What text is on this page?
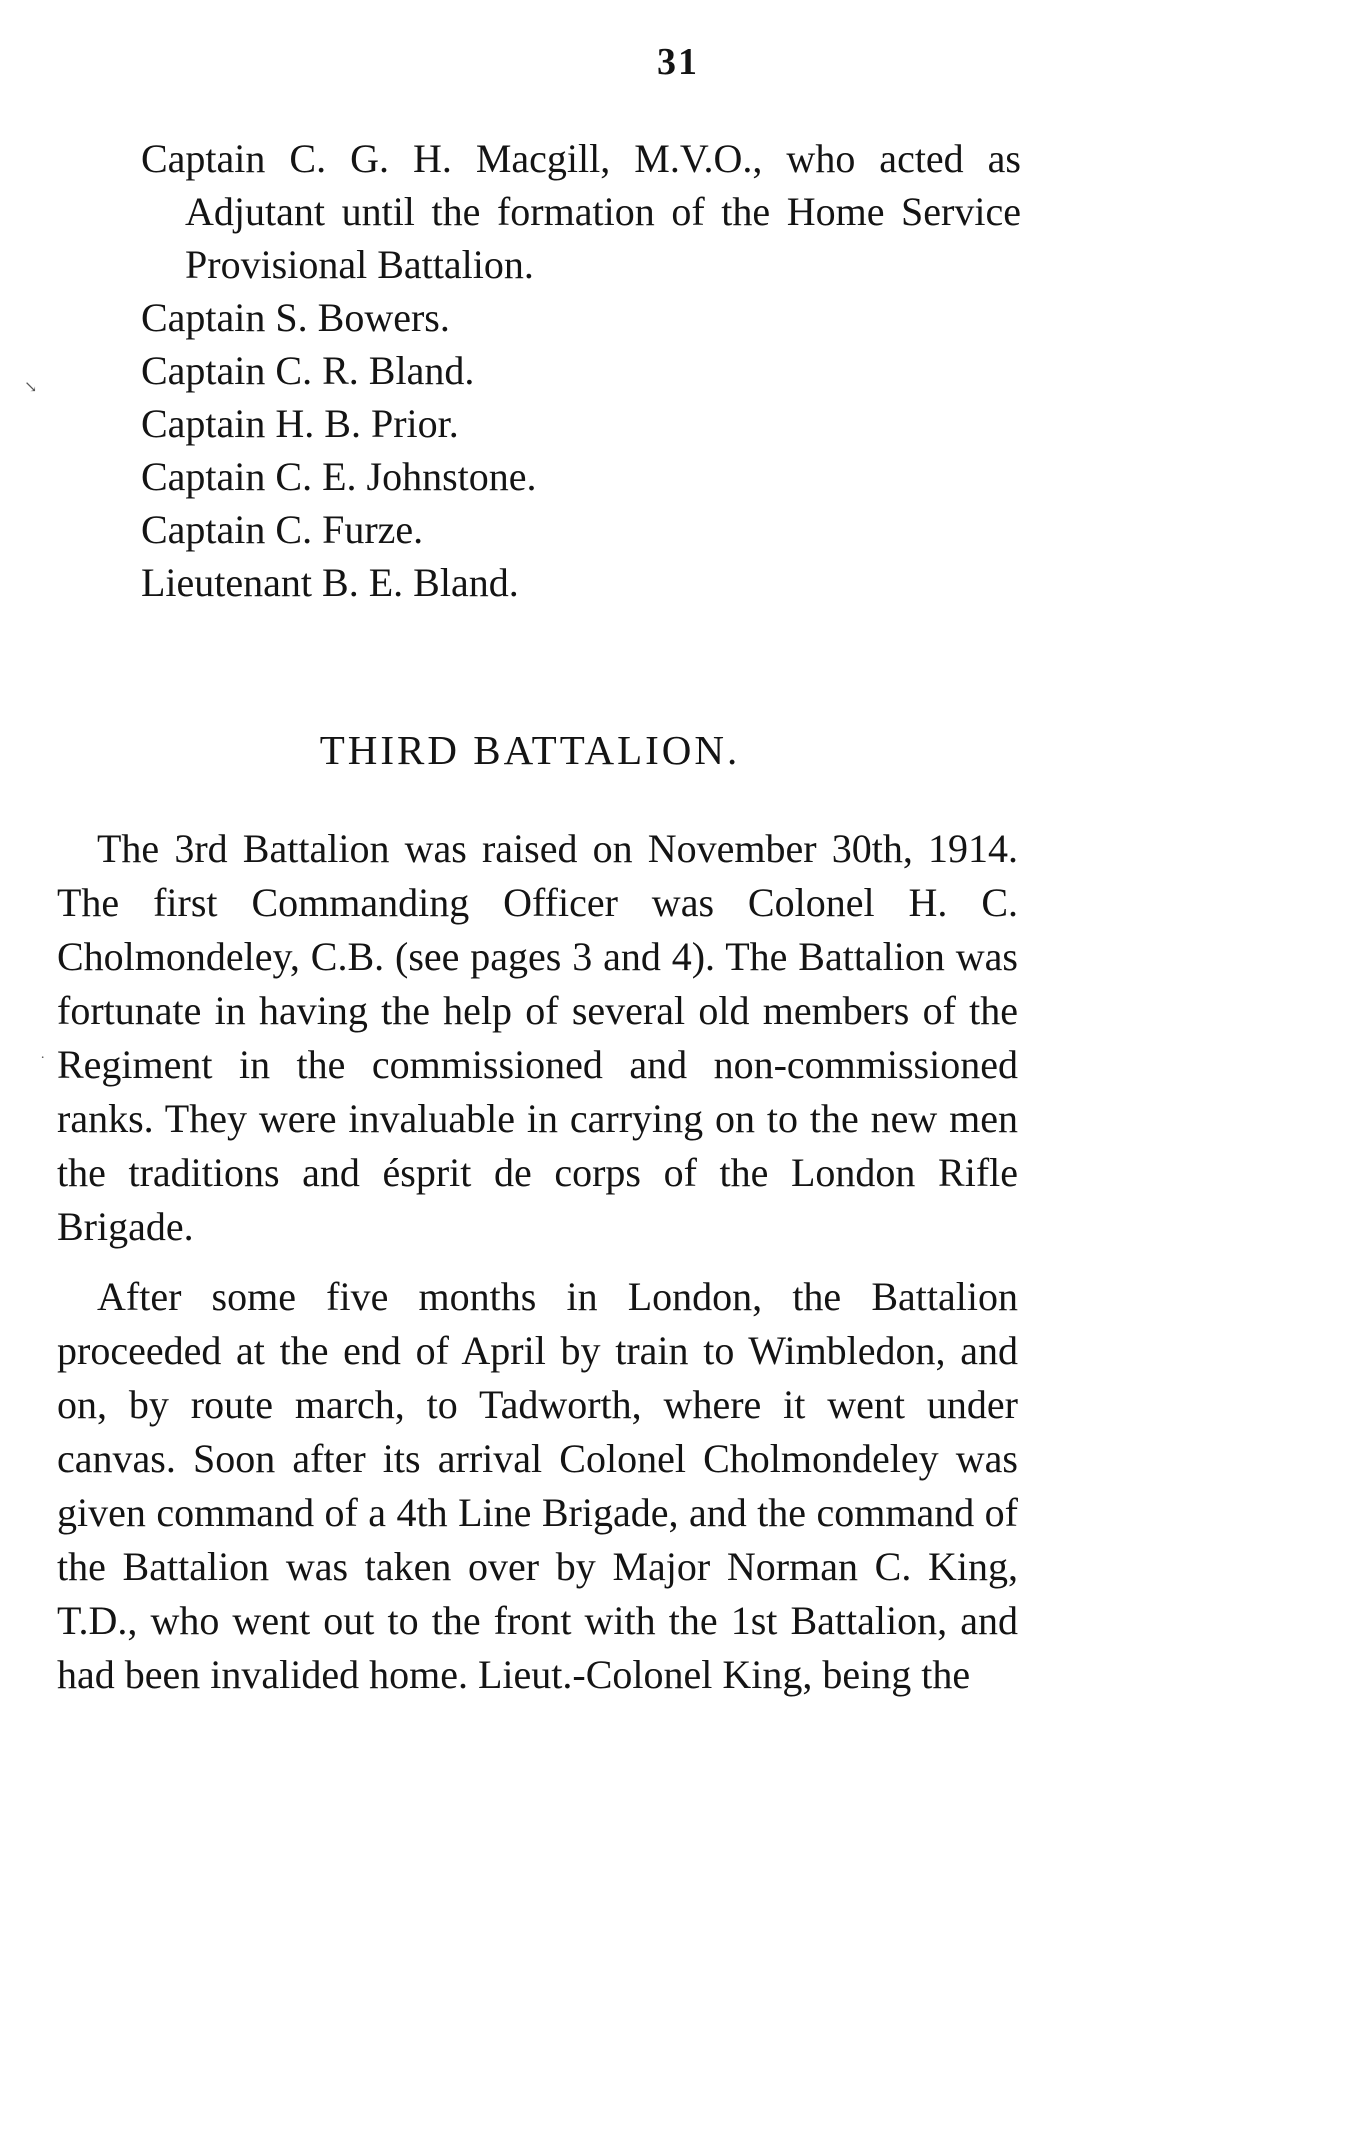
31
Captain C. G. H. Macgill, M.V.O., who acted as Adjutant until the formation of the Home Service Provisional Battalion.
Captain S. Bowers.
Captain C. R. Bland.
Captain H. B. Prior.
Captain C. E. Johnstone.
Captain C. Furze.
Lieutenant B. E. Bland.
THIRD BATTALION.

The 3rd Battalion was raised on November 30th, 1914. The first Commanding Officer was Colonel H. C. Cholmondeley, C.B. (see pages 3 and 4). The Battalion was fortunate in having the help of several old members of the Regiment in the commissioned and non-commissioned ranks. They were invaluable in carrying on to the new men the traditions and ésprit de corps of the London Rifle Brigade.

After some five months in London, the Battalion proceeded at the end of April by train to Wimbledon, and on, by route march, to Tadworth, where it went under canvas. Soon after its arrival Colonel Cholmondeley was given command of a 4th Line Brigade, and the command of the Battalion was taken over by Major Norman C. King, T.D., who went out to the front with the 1st Battalion, and had been invalided home. Lieut.-Colonel King, being the

↘
˙
